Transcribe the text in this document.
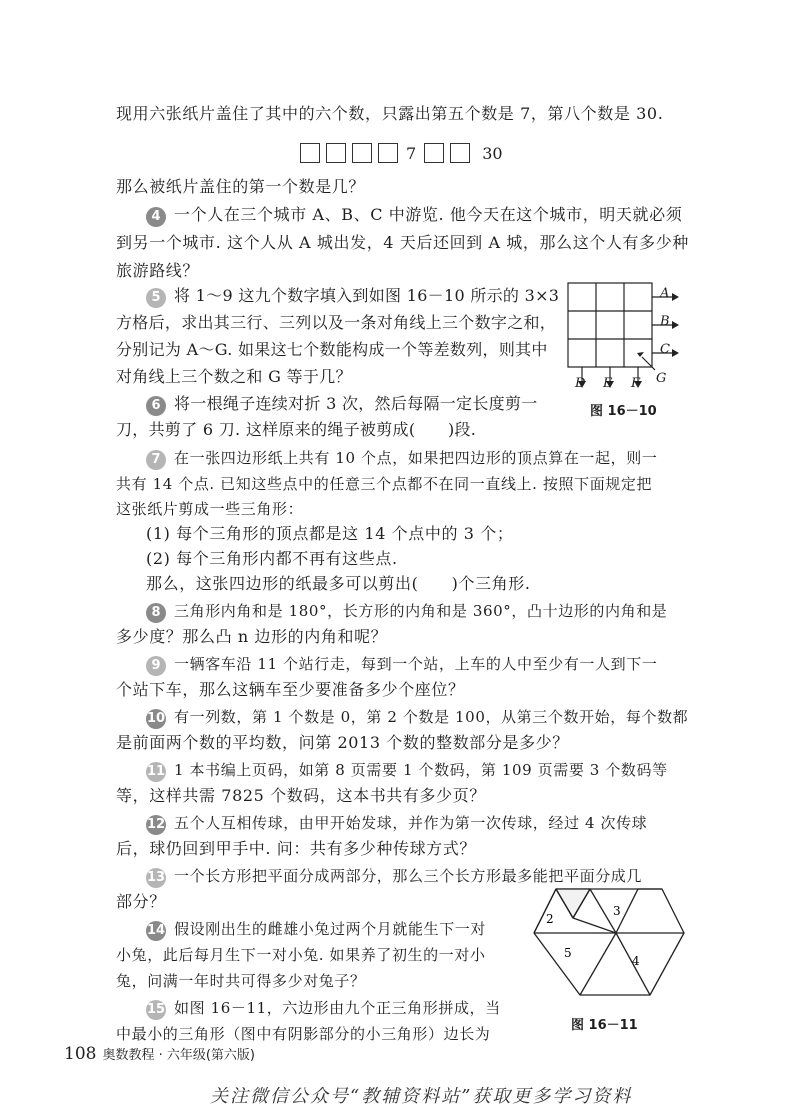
现用六张纸片盖住了其中的六个数，只露出第五个数是 7，第八个数是 30.
7	30
那么被纸片盖住的第一个数是几？
4 一个人在三个城市 A、B、C 中游览. 他今天在这个城市，明天就必须
到另一个城市. 这个人从 A 城出发，4 天后还回到 A 城，那么这个人有多少种
旅游路线？
5 将 1～9 这九个数字填入到如图 16－10 所示的 3×3
方格后，求出其三行、三列以及一条对角线上三个数字之和，
分别记为 A～G. 如果这七个数能构成一个等差数列，则其中
对角线上三个数之和 G 等于几？
A
B
C
D E F G
图 16－10
6 将一根绳子连续对折 3 次，然后每隔一定长度剪一
刀，共剪了 6 刀. 这样原来的绳子被剪成(　　)段.
7 在一张四边形纸上共有 10 个点，如果把四边形的顶点算在一起，则一
共有 14 个点. 已知这些点中的任意三个点都不在同一直线上. 按照下面规定把
这张纸片剪成一些三角形：
(1) 每个三角形的顶点都是这 14 个点中的 3 个；
(2) 每个三角形内都不再有这些点.
那么，这张四边形的纸最多可以剪出(　　)个三角形.
8 三角形内角和是 180°，长方形的内角和是 360°，凸十边形的内角和是
多少度？那么凸 n 边形的内角和呢？
9 一辆客车沿 11 个站行走，每到一个站，上车的人中至少有一人到下一
个站下车，那么这辆车至少要准备多少个座位？
10 有一列数，第 1 个数是 0，第 2 个数是 100，从第三个数开始，每个数都
是前面两个数的平均数，问第 2013 个数的整数部分是多少？
11 1 本书编上页码，如第 8 页需要 1 个数码，第 109 页需要 3 个数码等
等，这样共需 7825 个数码，这本书共有多少页？
12 五个人互相传球，由甲开始发球，并作为第一次传球，经过 4 次传球
后，球仍回到甲手中. 问：共有多少种传球方式？
13 一个长方形把平面分成两部分，那么三个长方形最多能把平面分成几
部分？
14 假设刚出生的雌雄小兔过两个月就能生下一对
小兔，此后每月生下一对小兔. 如果养了初生的一对小
兔，问满一年时共可得多少对兔子？
15 如图 16－11，六边形由九个正三角形拼成，当
中最小的三角形（图中有阴影部分的小三角形）边长为
2
3
4
5
图 16－11
108 奥数教程 · 六年级(第六版)
关注微信公众号“教辅资料站”获取更多学习资料
